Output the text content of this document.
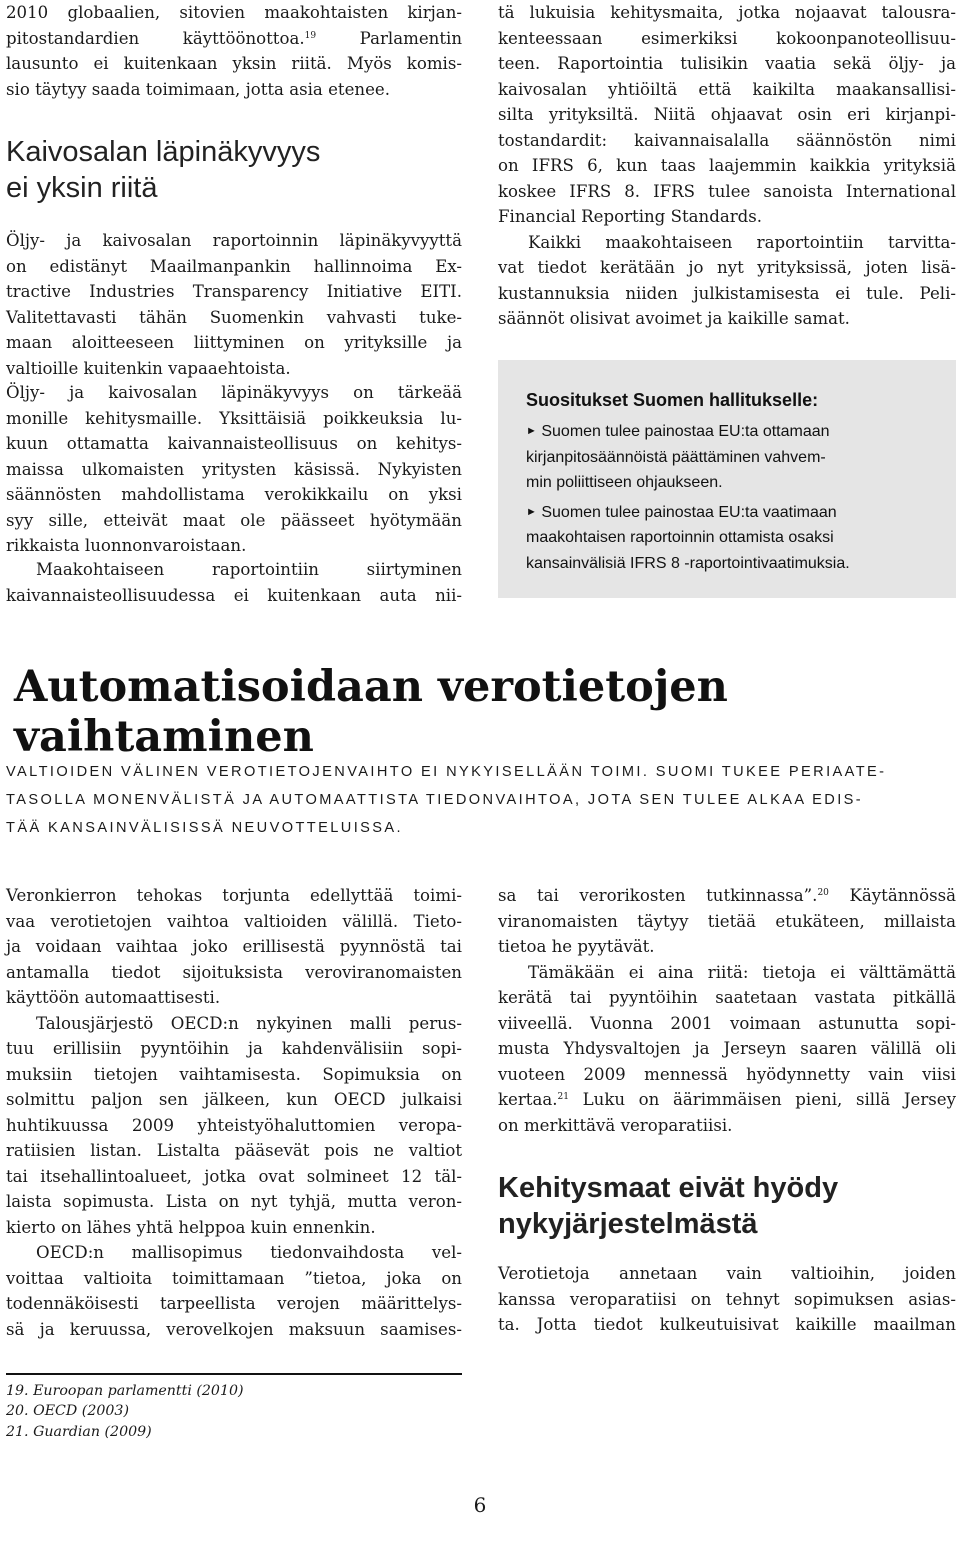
2010 globaalien, sitovien maakohtaisten kirjan-
pitostandardien käyttöönottoa.$^{19}$	Parlamentin
lausunto ei kuitenkaan yksin riitä. Myös komis-
sio täytyy saada toimimaan, jotta asia etenee.
Kaivosalan läpinäkyvyys
ei yksin riitä
Öljy- ja kaivosalan raportoinnin läpinäkyvyyttä
on edistänyt Maailmanpankin hallinnoima Ex-
tractive Industries Transparency Initiative EITI.
Valitettavasti tähän Suomenkin vahvasti tuke-
maan aloitteeseen liittyminen on yrityksille ja
valtioille kuitenkin vapaaehtoista.
Öljy- ja kaivosalan läpinäkyvyys on tärkeää
monille kehitysmaille. Yksittäisiä poikkeuksia lu-
kuun ottamatta kaivannaisteollisuus on kehitys-
maissa ulkomaisten yritysten käsissä. Nykyisten
säännösten mahdollistama verokikkailu on yksi
syy sille, etteivät maat ole päässeet hyötymään
rikkaista luonnonvaroistaan.
Maakohtaiseen raportointiin siirtyminen
kaivannaisteollisuudessa ei kuitenkaan auta nii-
tä lukuisia kehitysmaita, jotka nojaavat talousra-
kenteessaan esimerkiksi kokoonpanoteollisuu-
teen. Raportointia tulisikin vaatia sekä öljy- ja
kaivosalan yhtiöiltä että kaikilta maakansallisi-
silta yrityksiltä. Niitä ohjaavat osin eri kirjanpi-
tostandardit: kaivannaisalalla säännöstön nimi
on IFRS 6, kun taas laajemmin kaikkia yrityksiä
koskee IFRS 8. IFRS tulee sanoista International
Financial Reporting Standards.
Kaikki maakohtaiseen raportointiin tarvitta-
vat tiedot kerätään jo nyt yrityksissä, joten lisä-
kustannuksia niiden julkistamisesta ei tule. Peli-
säännöt olisivat avoimet ja kaikille samat.
Suositukset Suomen hallitukselle:
► Suomen tulee painostaa EU:ta ottamaan
kirjanpitosäännöistä päättäminen vahvem-
min poliittiseen ohjaukseen.
► Suomen tulee painostaa EU:ta vaatimaan
maakohtaisen raportoinnin ottamista osaksi
kansainvälisiä IFRS 8 -raportointivaatimuksia.
Automatisoidaan verotietojen vaihtaminen
VALTIOIDEN VÄLINEN VEROTIETOJENVAIHTO EI NYKYISELLÄÄN TOIMI. SUOMI TUKEE PERIAATE-
TASOLLA MONENVÄLISTÄ JA AUTOMAATTISTA TIEDONVAIHTOA, JOTA SEN TULEE ALKAA EDIS-
TÄÄ KANSAINVÄLISISSÄ NEUVOTTELUISSA.
Veronkierron tehokas torjunta edellyttää toimi-
vaa verotietojen vaihtoa valtioiden välillä. Tieto-
ja voidaan vaihtaa joko erillisestä pyynnöstä tai
antamalla tiedot sijoituksista veroviranomaisten
käyttöön automaattisesti.
Talousjärjestö OECD:n nykyinen malli perus-
tuu erillisiin pyyntöihin ja kahdenvälisiin sopi-
muksiin tietojen vaihtamisesta. Sopimuksia on
solmittu paljon sen jälkeen, kun OECD julkaisi
huhtikuussa 2009 yhteistyöhaluttomien veropa-
ratiisien listan. Listalta pääsevät pois ne valtiot
tai itsehallintoalueet, jotka ovat solmineet 12 täl-
laista sopimusta. Lista on nyt tyhjä, mutta veron-
kierto on lähes yhtä helppoa kuin ennenkin.
OECD:n mallisopimus tiedonvaihdosta vel-
voittaa valtioita toimittamaan ”tietoa, joka on
todennäköisesti tarpeellista verojen määrittelys-
sä ja keruussa, verovelkojen maksuun saamises-
sa tai verorikosten tutkinnassa”.$^{20}$ Käytännössä
viranomaisten täytyy tietää etukäteen, millaista
tietoa he pyytävät.
Tämäkään ei aina riitä: tietoja ei välttämättä
kerätä tai pyyntöihin saatetaan vastata pitkällä
viiveellä. Vuonna 2001 voimaan astunutta sopi-
musta Yhdysvaltojen ja Jerseyn saaren välillä oli
vuoteen 2009 mennessä hyödynnetty vain viisi
kertaa.$^{21}$ Luku on äärimmäisen pieni, sillä Jersey
on merkittävä veroparatiisi.
Kehitysmaat eivät hyödy
nykyjärjestelmästä
Verotietoja annetaan vain valtioihin, joiden
kanssa veroparatiisi on tehnyt sopimuksen asias-
ta. Jotta tiedot kulkeutuisivat kaikille maailman
19. Euroopan parlamentti (2010)
20. OECD (2003)
21. Guardian (2009)
6
